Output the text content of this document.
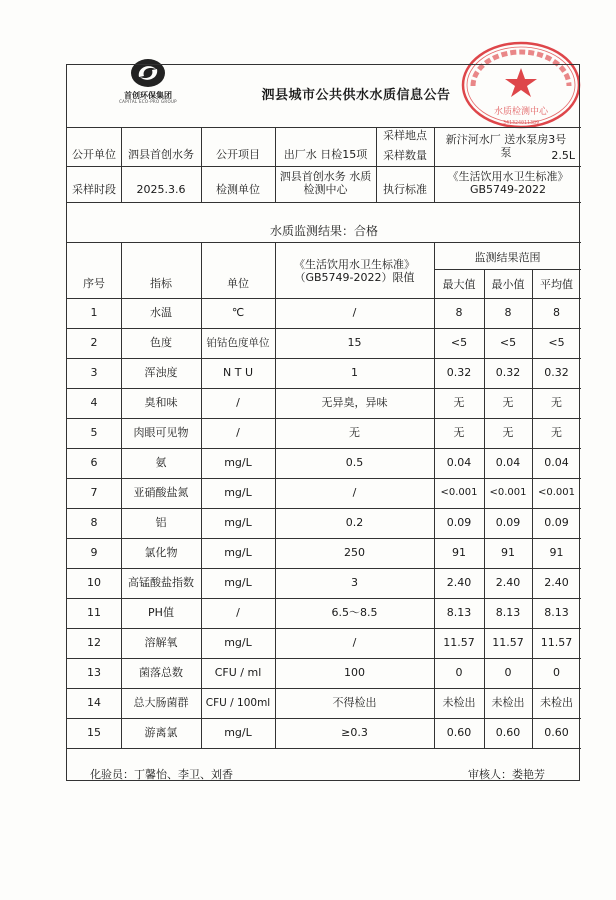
首创环保集团
CAPITAL ECO-PRO GROUP
水质检测中心
341324011389
泗县城市公共供水水质信息公告
公开单位	泗县首创水务	公开项目	出厂水 日检15项
采样地点
采样数量
新汴河水厂 送水泵房3号泵	2.5L
采样时段	2025.3.6	检测单位
泗县首创水务 水质检测中心	执行标准
《生活饮用水卫生标准》 GB5749-2022
水质监测结果：合格
序号	指标	单位
《生活饮用水卫生标准》 （GB5749-2022）限值
监测结果范围
最大值	最小值	平均值
1	水温	℃	/	8	8	8
2	色度	铂钴色度单位	15	<5	<5	<5
3	浑浊度	N T U	1	0.32	0.32	0.32
4	臭和味	/	无异臭，异味	无	无	无
5	肉眼可见物	/	无	无	无	无
6	氨	mg/L	0.5	0.04	0.04	0.04
7	亚硝酸盐氮	mg/L	/	<0.001	<0.001	<0.001
8	铝	mg/L	0.2	0.09	0.09	0.09
9	氯化物	mg/L	250	91	91	91
10	高锰酸盐指数	mg/L	3	2.40	2.40	2.40
11	PH值	/	6.5～8.5	8.13	8.13	8.13
12	溶解氧	mg/L	/	11.57	11.57	11.57
13	菌落总数	CFU / ml	100	0	0	0
14	总大肠菌群	CFU / 100ml	不得检出	未检出	未检出	未检出
15	游离氯	mg/L	≥0.3	0.60	0.60	0.60
化验员：丁馨怡、李卫、刘香	审核人：娄艳芳
